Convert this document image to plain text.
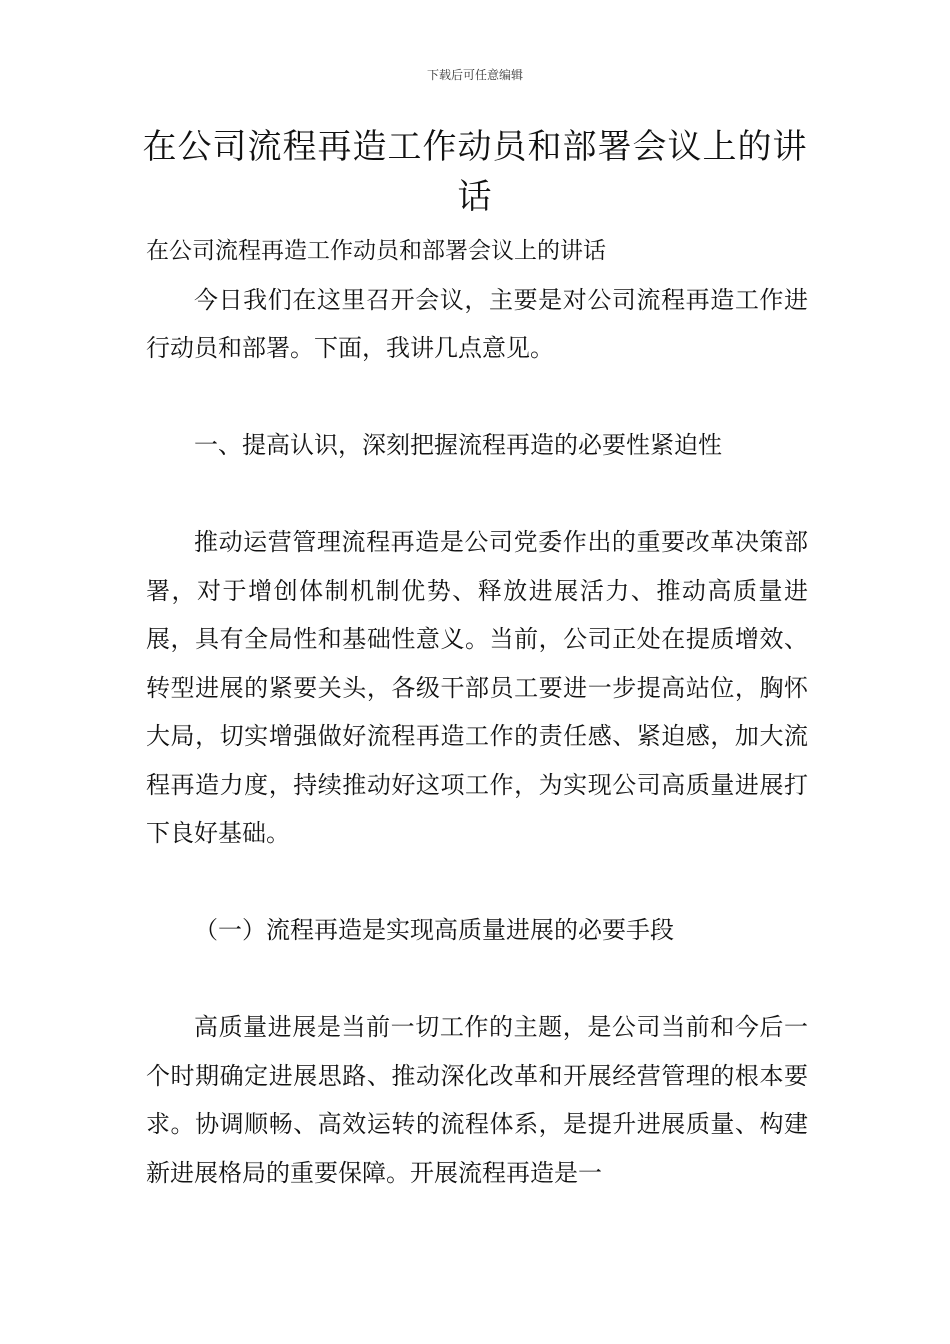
下载后可任意编辑
在公司流程再造工作动员和部署会议上的讲话

在公司流程再造工作动员和部署会议上的讲话

今日我们在这里召开会议，主要是对公司流程再造工作进行动员和部署。下面，我讲几点意见。

一、提高认识，深刻把握流程再造的必要性紧迫性

推动运营管理流程再造是公司党委作出的重要改革决策部署，对于增创体制机制优势、释放进展活力、推动高质量进展，具有全局性和基础性意义。当前，公司正处在提质增效、转型进展的紧要关头，各级干部员工要进一步提高站位，胸怀大局，切实增强做好流程再造工作的责任感、紧迫感，加大流程再造力度，持续推动好这项工作，为实现公司高质量进展打下良好基础。

（一）流程再造是实现高质量进展的必要手段

高质量进展是当前一切工作的主题，是公司当前和今后一个时期确定进展思路、推动深化改革和开展经营管理的根本要求。协调顺畅、高效运转的流程体系，是提升进展质量、构建新进展格局的重要保障。开展流程再造是一
